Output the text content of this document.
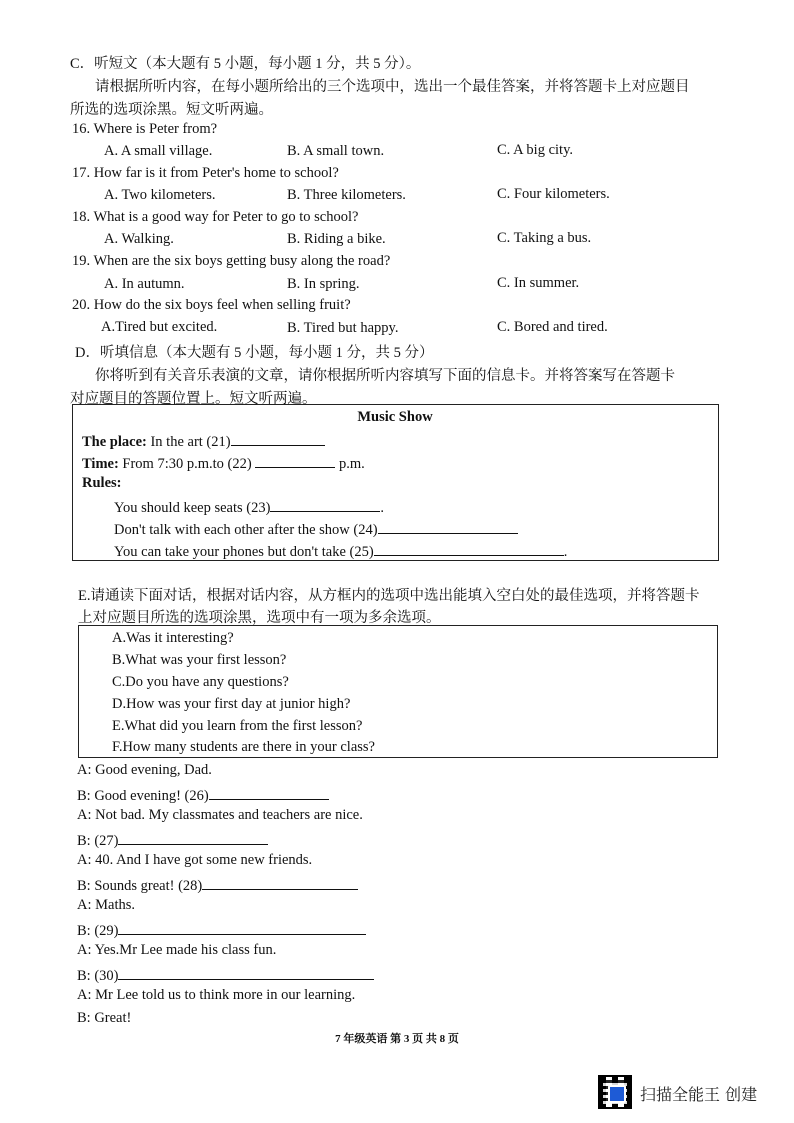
C．听短文（本大题有 5 小题，每小题 1 分，共 5 分）。
请根据所听内容，在每小题所给出的三个选项中，选出一个最佳答案，并将答题卡上对应题目
所选的选项涂黑。短文听两遍。
16. Where is Peter from?
A. A small village.	B. A small town.	C. A big city.
17. How far is it from Peter's home to school?
A. Two kilometers.	B. Three kilometers.	C. Four kilometers.
18. What is a good way for Peter to go to school?
A. Walking.	B. Riding a bike.	C. Taking a bus.
19. When are the six boys getting busy along the road?
A. In autumn.	B. In spring.	C. In summer.
20. How do the six boys feel when selling fruit?
A.Tired but excited.	B. Tired but happy.	C. Bored and tired.
D．听填信息（本大题有 5 小题，每小题 1 分，共 5 分）
你将听到有关音乐表演的文章，请你根据所听内容填写下面的信息卡。并将答案写在答题卡
对应题目的答题位置上。短文听两遍。
Music Show
The place: In the art (21)
Time: From 7:30 p.m.to (22)	p.m.
Rules:
You should keep seats (23)	.
Don't talk with each other after the show (24)
You can take your phones but don't take (25)	.
E.请通读下面对话，根据对话内容，从方框内的选项中选出能填入空白处的最佳选项，并将答题卡
上对应题目所选的选项涂黑，选项中有一项为多余选项。
A.Was it interesting?
B.What was your first lesson?
C.Do you have any questions?
D.How was your first day at junior high?
E.What did you learn from the first lesson?
F.How many students are there in your class?
A: Good evening, Dad.
B: Good evening! (26)
A: Not bad. My classmates and teachers are nice.
B: (27)
A: 40. And I have got some new friends.
B: Sounds great! (28)
A: Maths.
B: (29)
A: Yes.Mr Lee made his class fun.
B: (30)
A: Mr Lee told us to think more in our learning.
B: Great!
7 年级英语 第 3 页 共 8 页
扫描全能王 创建
